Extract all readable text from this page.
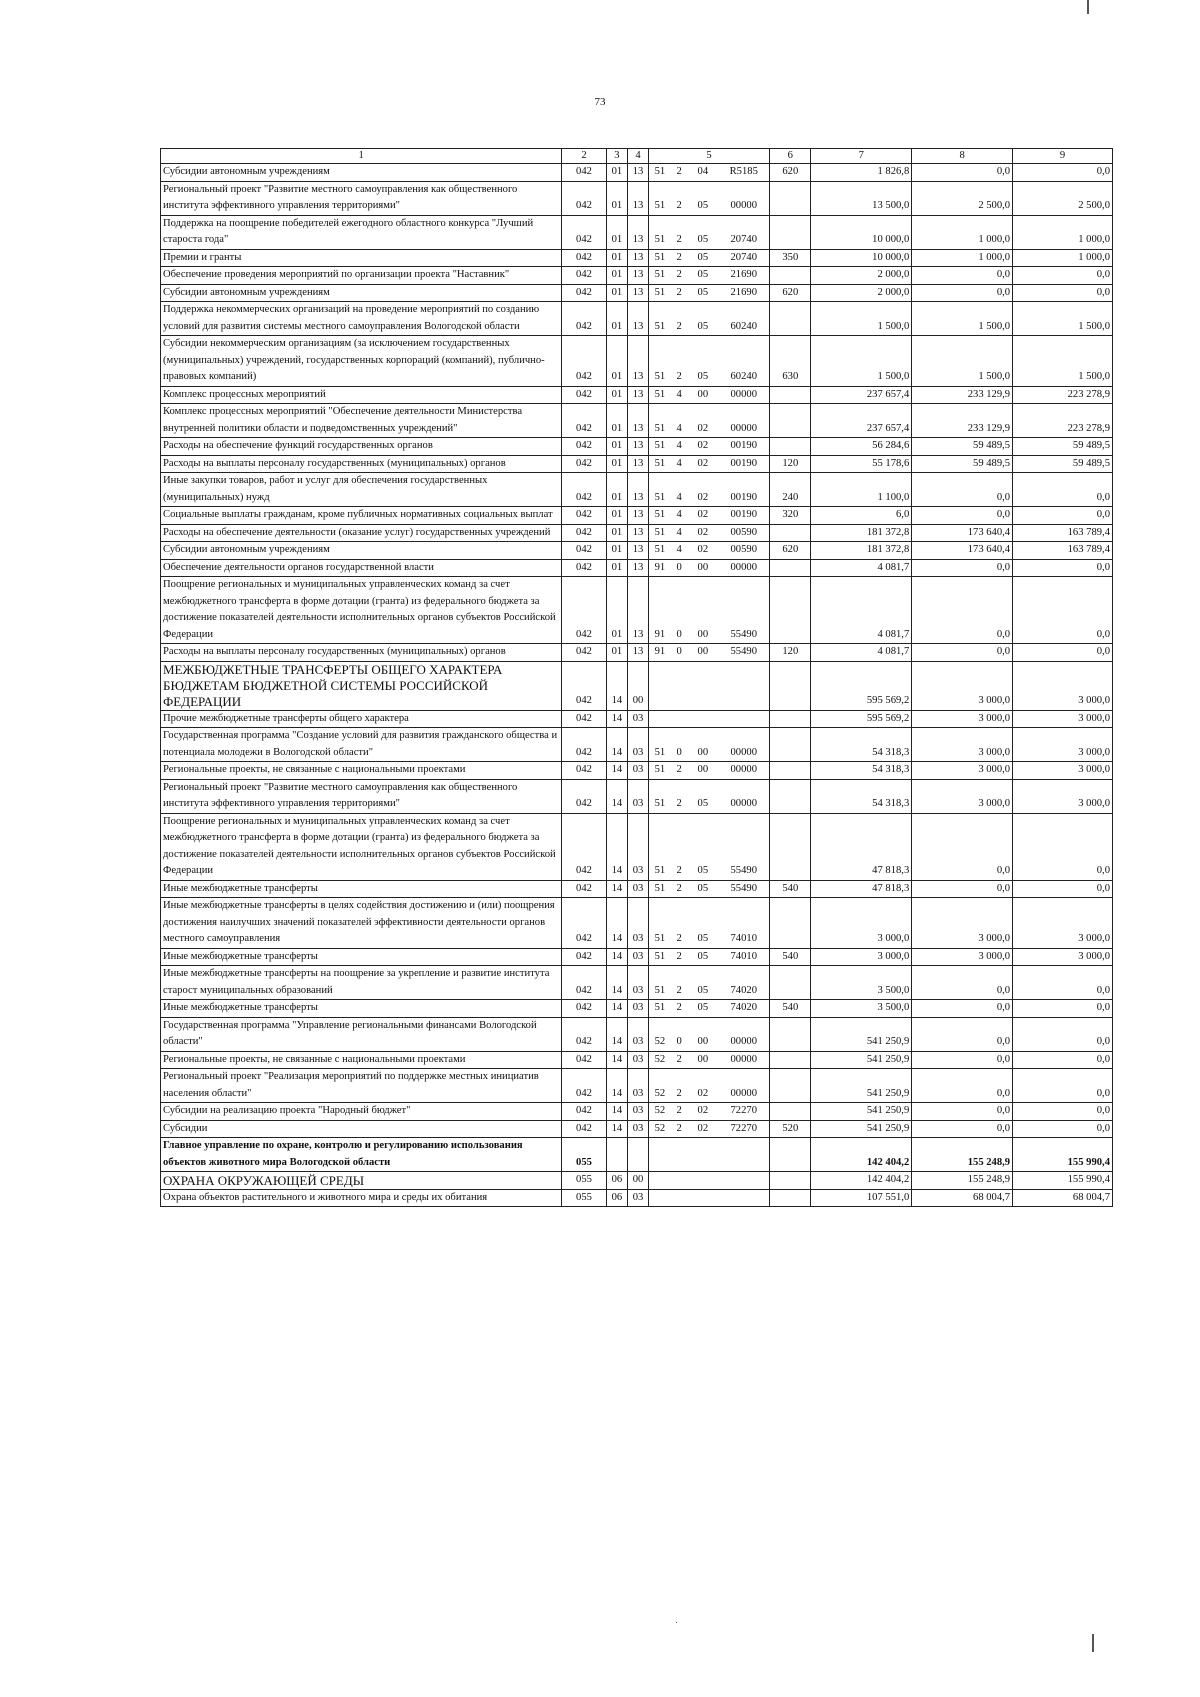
73
1	2	3	4	5				6	7	8	9
Субсидии автономным учреждениям	042	01	13	51	2	04	R5185	620	1 826,8	0,0	0,0
Региональный проект "Развитие местного самоуправления как общественного института эффективного управления территориями"	042	01	13	51	2	05	00000		13 500,0	2 500,0	2 500,0
Поддержка на поощрение победителей ежегодного областного конкурса "Лучший староста года"	042	01	13	51	2	05	20740		10 000,0	1 000,0	1 000,0
Премии и гранты	042	01	13	51	2	05	20740	350	10 000,0	1 000,0	1 000,0
Обеспечение проведения мероприятий по организации проекта "Наставник"	042	01	13	51	2	05	21690		2 000,0	0,0	0,0
Субсидии автономным учреждениям	042	01	13	51	2	05	21690	620	2 000,0	0,0	0,0
Поддержка некоммерческих организаций на проведение мероприятий по созданию условий для развития системы местного самоуправления Вологодской области	042	01	13	51	2	05	60240		1 500,0	1 500,0	1 500,0
Субсидии некоммерческим организациям (за исключением государственных (муниципальных) учреждений, государственных корпораций (компаний), публично-правовых компаний)	042	01	13	51	2	05	60240	630	1 500,0	1 500,0	1 500,0
Комплекс процессных мероприятий	042	01	13	51	4	00	00000		237 657,4	233 129,9	223 278,9
Комплекс процессных мероприятий "Обеспечение деятельности Министерства внутренней политики области и подведомственных учреждений"	042	01	13	51	4	02	00000		237 657,4	233 129,9	223 278,9
Расходы на обеспечение функций государственных органов	042	01	13	51	4	02	00190		56 284,6	59 489,5	59 489,5
Расходы на выплаты персоналу государственных (муниципальных) органов	042	01	13	51	4	02	00190	120	55 178,6	59 489,5	59 489,5
Иные закупки товаров, работ и услуг для обеспечения государственных (муниципальных) нужд	042	01	13	51	4	02	00190	240	1 100,0	0,0	0,0
Социальные выплаты гражданам, кроме публичных нормативных социальных выплат	042	01	13	51	4	02	00190	320	6,0	0,0	0,0
Расходы на обеспечение деятельности (оказание услуг) государственных учреждений	042	01	13	51	4	02	00590		181 372,8	173 640,4	163 789,4
Субсидии автономным учреждениям	042	01	13	51	4	02	00590	620	181 372,8	173 640,4	163 789,4
Обеспечение деятельности органов государственной власти	042	01	13	91	0	00	00000		4 081,7	0,0	0,0
Поощрение региональных и муниципальных управленческих команд за счет межбюджетного трансферта в форме дотации (гранта) из федерального бюджета за достижение показателей деятельности исполнительных органов субъектов Российской Федерации	042	01	13	91	0	00	55490		4 081,7	0,0	0,0
Расходы на выплаты персоналу государственных (муниципальных) органов	042	01	13	91	0	00	55490	120	4 081,7	0,0	0,0
МЕЖБЮДЖЕТНЫЕ ТРАНСФЕРТЫ ОБЩЕГО ХАРАКТЕРА БЮДЖЕТАМ БЮДЖЕТНОЙ СИСТЕМЫ РОССИЙСКОЙ ФЕДЕРАЦИИ	042	14	00						595 569,2	3 000,0	3 000,0
Прочие межбюджетные трансферты общего характера	042	14	03						595 569,2	3 000,0	3 000,0
Государственная программа "Создание условий для развития гражданского общества и потенциала молодежи в Вологодской области"	042	14	03	51	0	00	00000		54 318,3	3 000,0	3 000,0
Региональные проекты, не связанные с национальными проектами	042	14	03	51	2	00	00000		54 318,3	3 000,0	3 000,0
Региональный проект "Развитие местного самоуправления как общественного института эффективного управления территориями"	042	14	03	51	2	05	00000		54 318,3	3 000,0	3 000,0
Поощрение региональных и муниципальных управленческих команд за счет межбюджетного трансферта в форме дотации (гранта) из федерального бюджета за достижение показателей деятельности исполнительных органов субъектов Российской Федерации	042	14	03	51	2	05	55490		47 818,3	0,0	0,0
Иные межбюджетные трансферты	042	14	03	51	2	05	55490	540	47 818,3	0,0	0,0
Иные межбюджетные трансферты в целях содействия достижению и (или) поощрения достижения наилучших значений показателей эффективности деятельности органов местного самоуправления	042	14	03	51	2	05	74010		3 000,0	3 000,0	3 000,0
Иные межбюджетные трансферты	042	14	03	51	2	05	74010	540	3 000,0	3 000,0	3 000,0
Иные межбюджетные трансферты на поощрение за укрепление и развитие института старост муниципальных образований	042	14	03	51	2	05	74020		3 500,0	0,0	0,0
Иные межбюджетные трансферты	042	14	03	51	2	05	74020	540	3 500,0	0,0	0,0
Государственная программа "Управление региональными финансами Вологодской области"	042	14	03	52	0	00	00000		541 250,9	0,0	0,0
Региональные проекты, не связанные с национальными проектами	042	14	03	52	2	00	00000		541 250,9	0,0	0,0
Региональный проект "Реализация мероприятий по поддержке местных инициатив населения области"	042	14	03	52	2	02	00000		541 250,9	0,0	0,0
Субсидии на реализацию проекта "Народный бюджет"	042	14	03	52	2	02	72270		541 250,9	0,0	0,0
Субсидии	042	14	03	52	2	02	72270	520	541 250,9	0,0	0,0
Главное управление по охране, контролю и регулированию использования объектов животного мира Вологодской области	055								142 404,2	155 248,9	155 990,4
ОХРАНА ОКРУЖАЮЩЕЙ СРЕДЫ	055	06	00						142 404,2	155 248,9	155 990,4
Охрана объектов растительного и животного мира и среды их обитания	055	06	03						107 551,0	68 004,7	68 004,7
